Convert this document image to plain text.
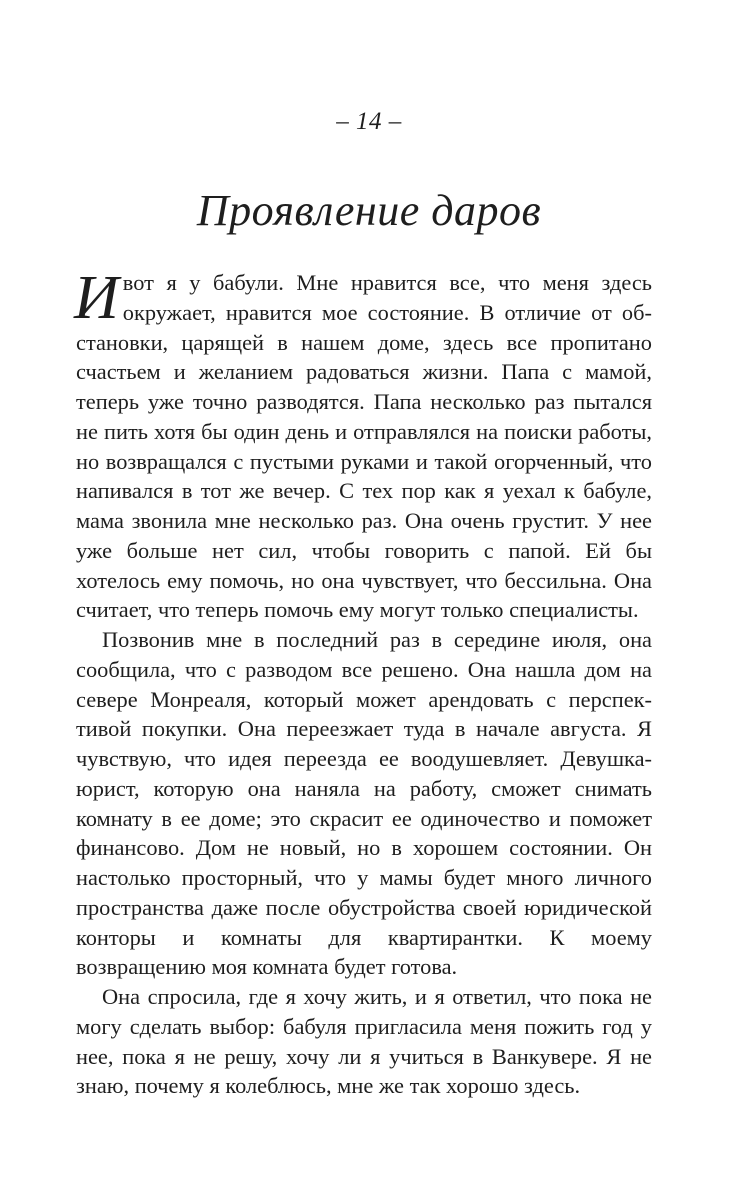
– 14 –
Проявление даров

И вот я у бабули. Мне нравится все, что меня здесь окружает, нравится мое состояние. В отличие от обстановки, царящей в нашем доме, здесь все пропитано счастьем и желанием радоваться жизни. Папа с мамой, теперь уже точно разводятся. Папа несколько раз пытался не пить хотя бы один день и отправлялся на поиски работы, но возвращался с пустыми руками и такой огорченный, что напивался в тот же вечер. С тех пор как я уехал к бабуле, мама звонила мне несколько раз. Она очень грустит. У нее уже больше нет сил, чтобы говорить с папой. Ей бы хотелось ему помочь, но она чувствует, что бессильна. Она считает, что теперь помочь ему могут только специалисты.

Позвонив мне в последний раз в середине июля, она сообщила, что с разводом все решено. Она нашла дом на севере Монреаля, который может арендовать с перспективой покупки. Она переезжает туда в начале августа. Я чувствую, что идея переезда ее воодушевляет. Девушка-юрист, которую она наняла на работу, сможет снимать комнату в ее доме; это скрасит ее одиночество и поможет финансово. Дом не новый, но в хорошем состоянии. Он настолько просторный, что у мамы будет много личного пространства даже после обустройства своей юридической конторы и комнаты для квартирантки. К моему возвращению моя комната будет готова.

Она спросила, где я хочу жить, и я ответил, что пока не могу сделать выбор: бабуля пригласила меня пожить год у нее, пока я не решу, хочу ли я учиться в Ванкувере. Я не знаю, почему я колеблюсь, мне же так хорошо здесь.
